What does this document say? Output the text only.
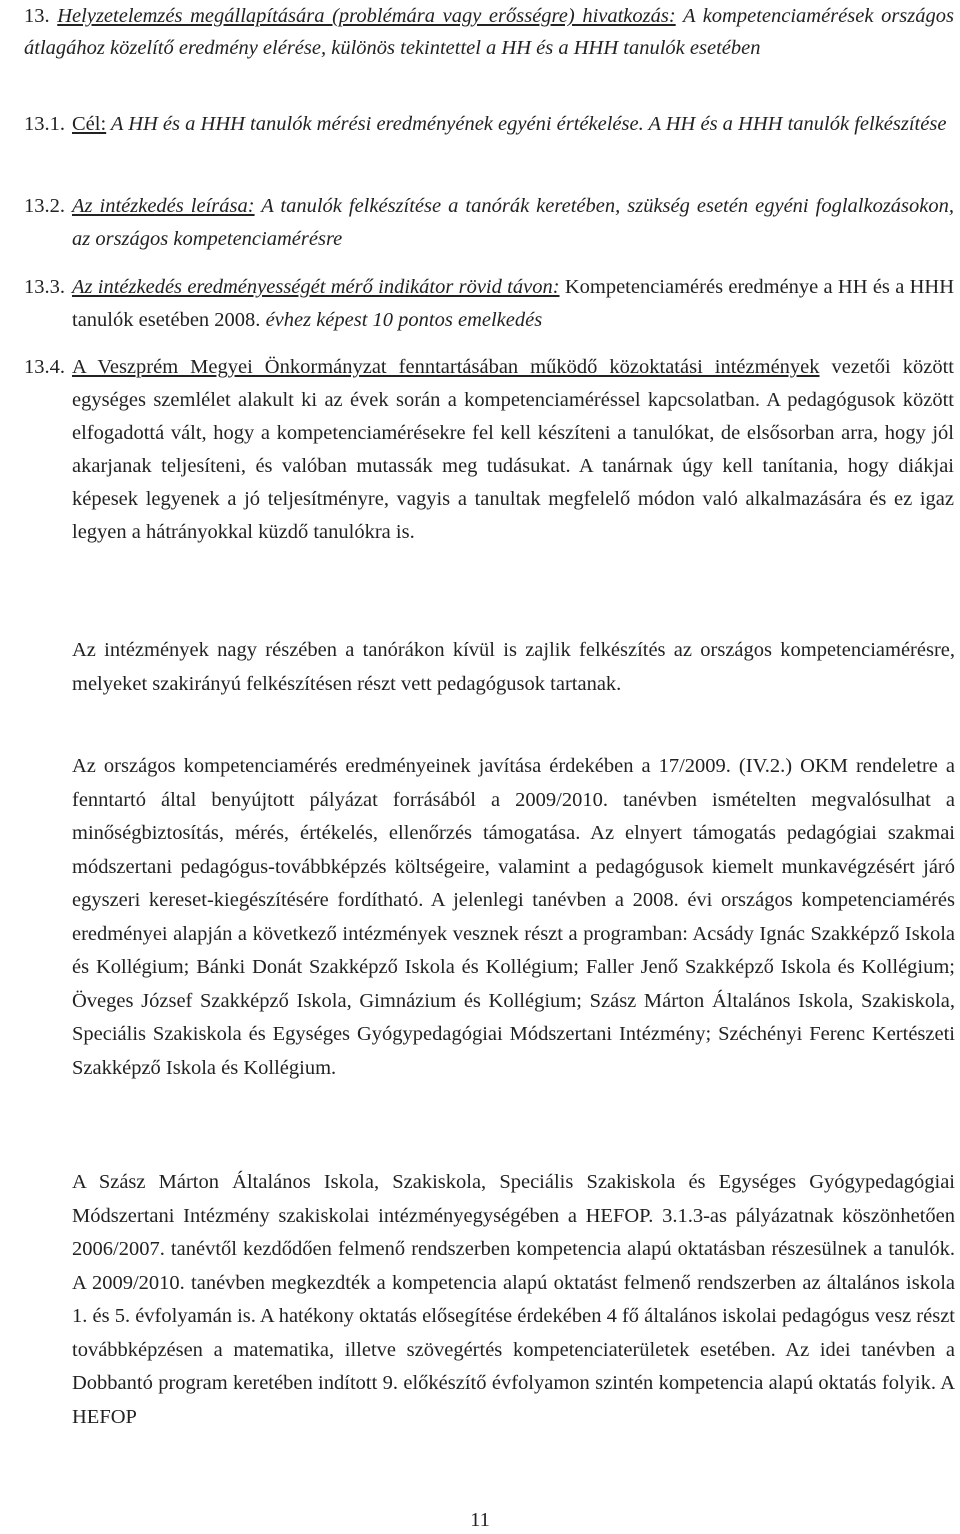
13. Helyzetelemzés megállapítására (problémára vagy erősségre) hivatkozás: A kompetenciamérések országos átlagához közelítő eredmény elérése, különös tekintettel a HH és a HHH tanulók esetében
13.1. Cél: A HH és a HHH tanulók mérési eredményének egyéni értékelése. A HH és a HHH tanulók felkészítése
13.2. Az intézkedés leírása: A tanulók felkészítése a tanórák keretében, szükség esetén egyéni foglalkozásokon, az országos kompetenciamérésre
13.3. Az intézkedés eredményességét mérő indikátor rövid távon: Kompetenciamérés eredménye a HH és a HHH tanulók esetében 2008. évhez képest 10 pontos emelkedés
13.4. A Veszprém Megyei Önkormányzat fenntartásában működő közoktatási intézmények vezetői között egységes szemlélet alakult ki az évek során a kompetenciaméréssel kapcsolatban. A pedagógusok között elfogadottá vált, hogy a kompetenciamérésekre fel kell készíteni a tanulókat, de elsősorban arra, hogy jól akarjanak teljesíteni, és valóban mutassák meg tudásukat. A tanárnak úgy kell tanítania, hogy diákjai képesek legyenek a jó teljesítményre, vagyis a tanultak megfelelő módon való alkalmazására és ez igaz legyen a hátrányokkal küzdő tanulókra is.

Az intézmények nagy részében a tanórákon kívül is zajlik felkészítés az országos kompetenciamérésre, melyeket szakirányú felkészítésen részt vett pedagógusok tartanak.

Az országos kompetenciamérés eredményeinek javítása érdekében a 17/2009. (IV.2.) OKM rendeletre a fenntartó által benyújtott pályázat forrásából a 2009/2010. tanévben ismételten megvalósulhat a minőségbiztosítás, mérés, értékelés, ellenőrzés támogatása. Az elnyert támogatás pedagógiai szakmai módszertani pedagógus-továbbképzés költségeire, valamint a pedagógusok kiemelt munkavégzésért járó egyszeri kereset-kiegészítésére fordítható. A jelenlegi tanévben a 2008. évi országos kompetenciamérés eredményei alapján a következő intézmények vesznek részt a programban: Acsády Ignác Szakképző Iskola és Kollégium; Bánki Donát Szakképző Iskola és Kollégium; Faller Jenő Szakképző Iskola és Kollégium; Öveges József Szakképző Iskola, Gimnázium és Kollégium; Szász Márton Általános Iskola, Szakiskola, Speciális Szakiskola és Egységes Gyógypedagógiai Módszertani Intézmény; Széchényi Ferenc Kertészeti Szakképző Iskola és Kollégium.

A Szász Márton Általános Iskola, Szakiskola, Speciális Szakiskola és Egységes Gyógypedagógiai Módszertani Intézmény szakiskolai intézményegységében a HEFOP. 3.1.3-as pályázatnak köszönhetően 2006/2007. tanévtől kezdődően felmenő rendszerben kompetencia alapú oktatásban részesülnek a tanulók. A 2009/2010. tanévben megkezdték a kompetencia alapú oktatást felmenő rendszerben az általános iskola 1. és 5. évfolyamán is. A hatékony oktatás elősegítése érdekében 4 fő általános iskolai pedagógus vesz részt továbbképzésen a matematika, illetve szövegértés kompetenciaterületek esetében. Az idei tanévben a Dobbantó program keretében indított 9. előkészítő évfolyamon szintén kompetencia alapú oktatás folyik. A HEFOP

11
